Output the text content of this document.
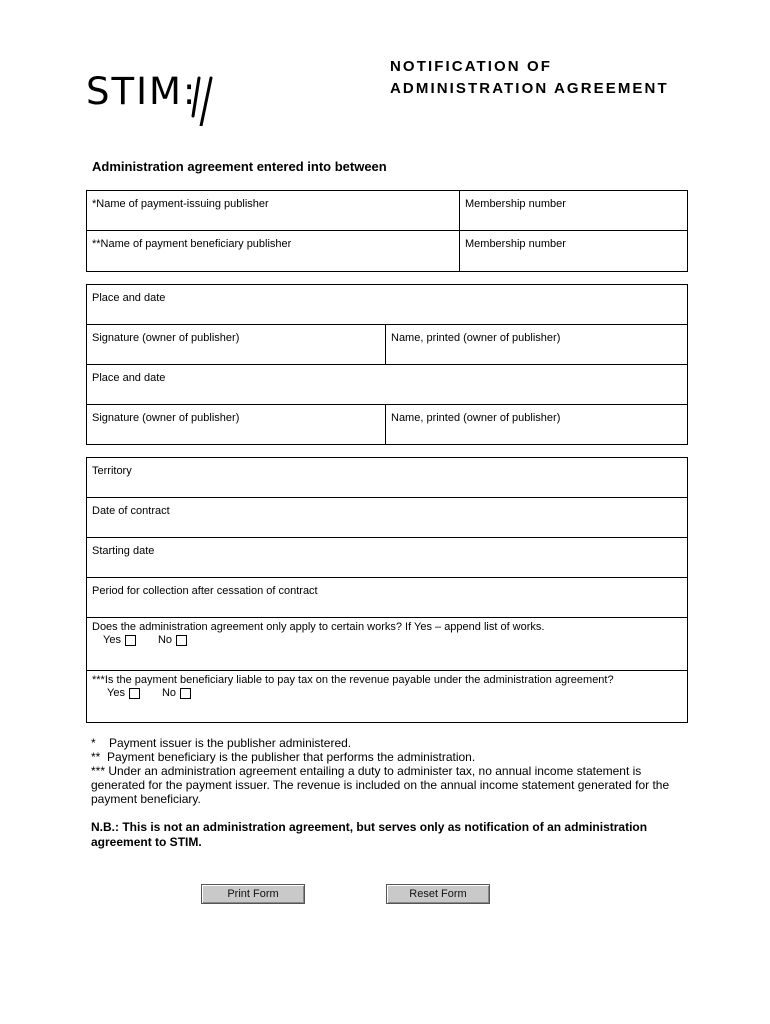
STIM:
NOTIFICATION OF
ADMINISTRATION AGREEMENT
Administration agreement entered into between
*Name of payment-issuing publisher	Membership number
**Name of payment beneficiary publisher	Membership number
Place and date
Signature (owner of publisher)	Name, printed (owner of publisher)
Place and date
Signature (owner of publisher)	Name, printed (owner of publisher)
Territory
Date of contract
Starting date
Period for collection after cessation of contract
Does the administration agreement only apply to certain works? If Yes – append list of works.
Yes	No
***Is the payment beneficiary liable to pay tax on the revenue payable under the administration agreement?
Yes	No

*    Payment issuer is the publisher administered.

**  Payment beneficiary is the publisher that performs the administration.

*** Under an administration agreement entailing a duty to administer tax, no annual income statement is generated for the payment issuer. The revenue is included on the annual income statement generated for the payment beneficiary.

N.B.: This is not an administration agreement, but serves only as notification of an administration agreement to STIM.
Print Form	Reset Form
